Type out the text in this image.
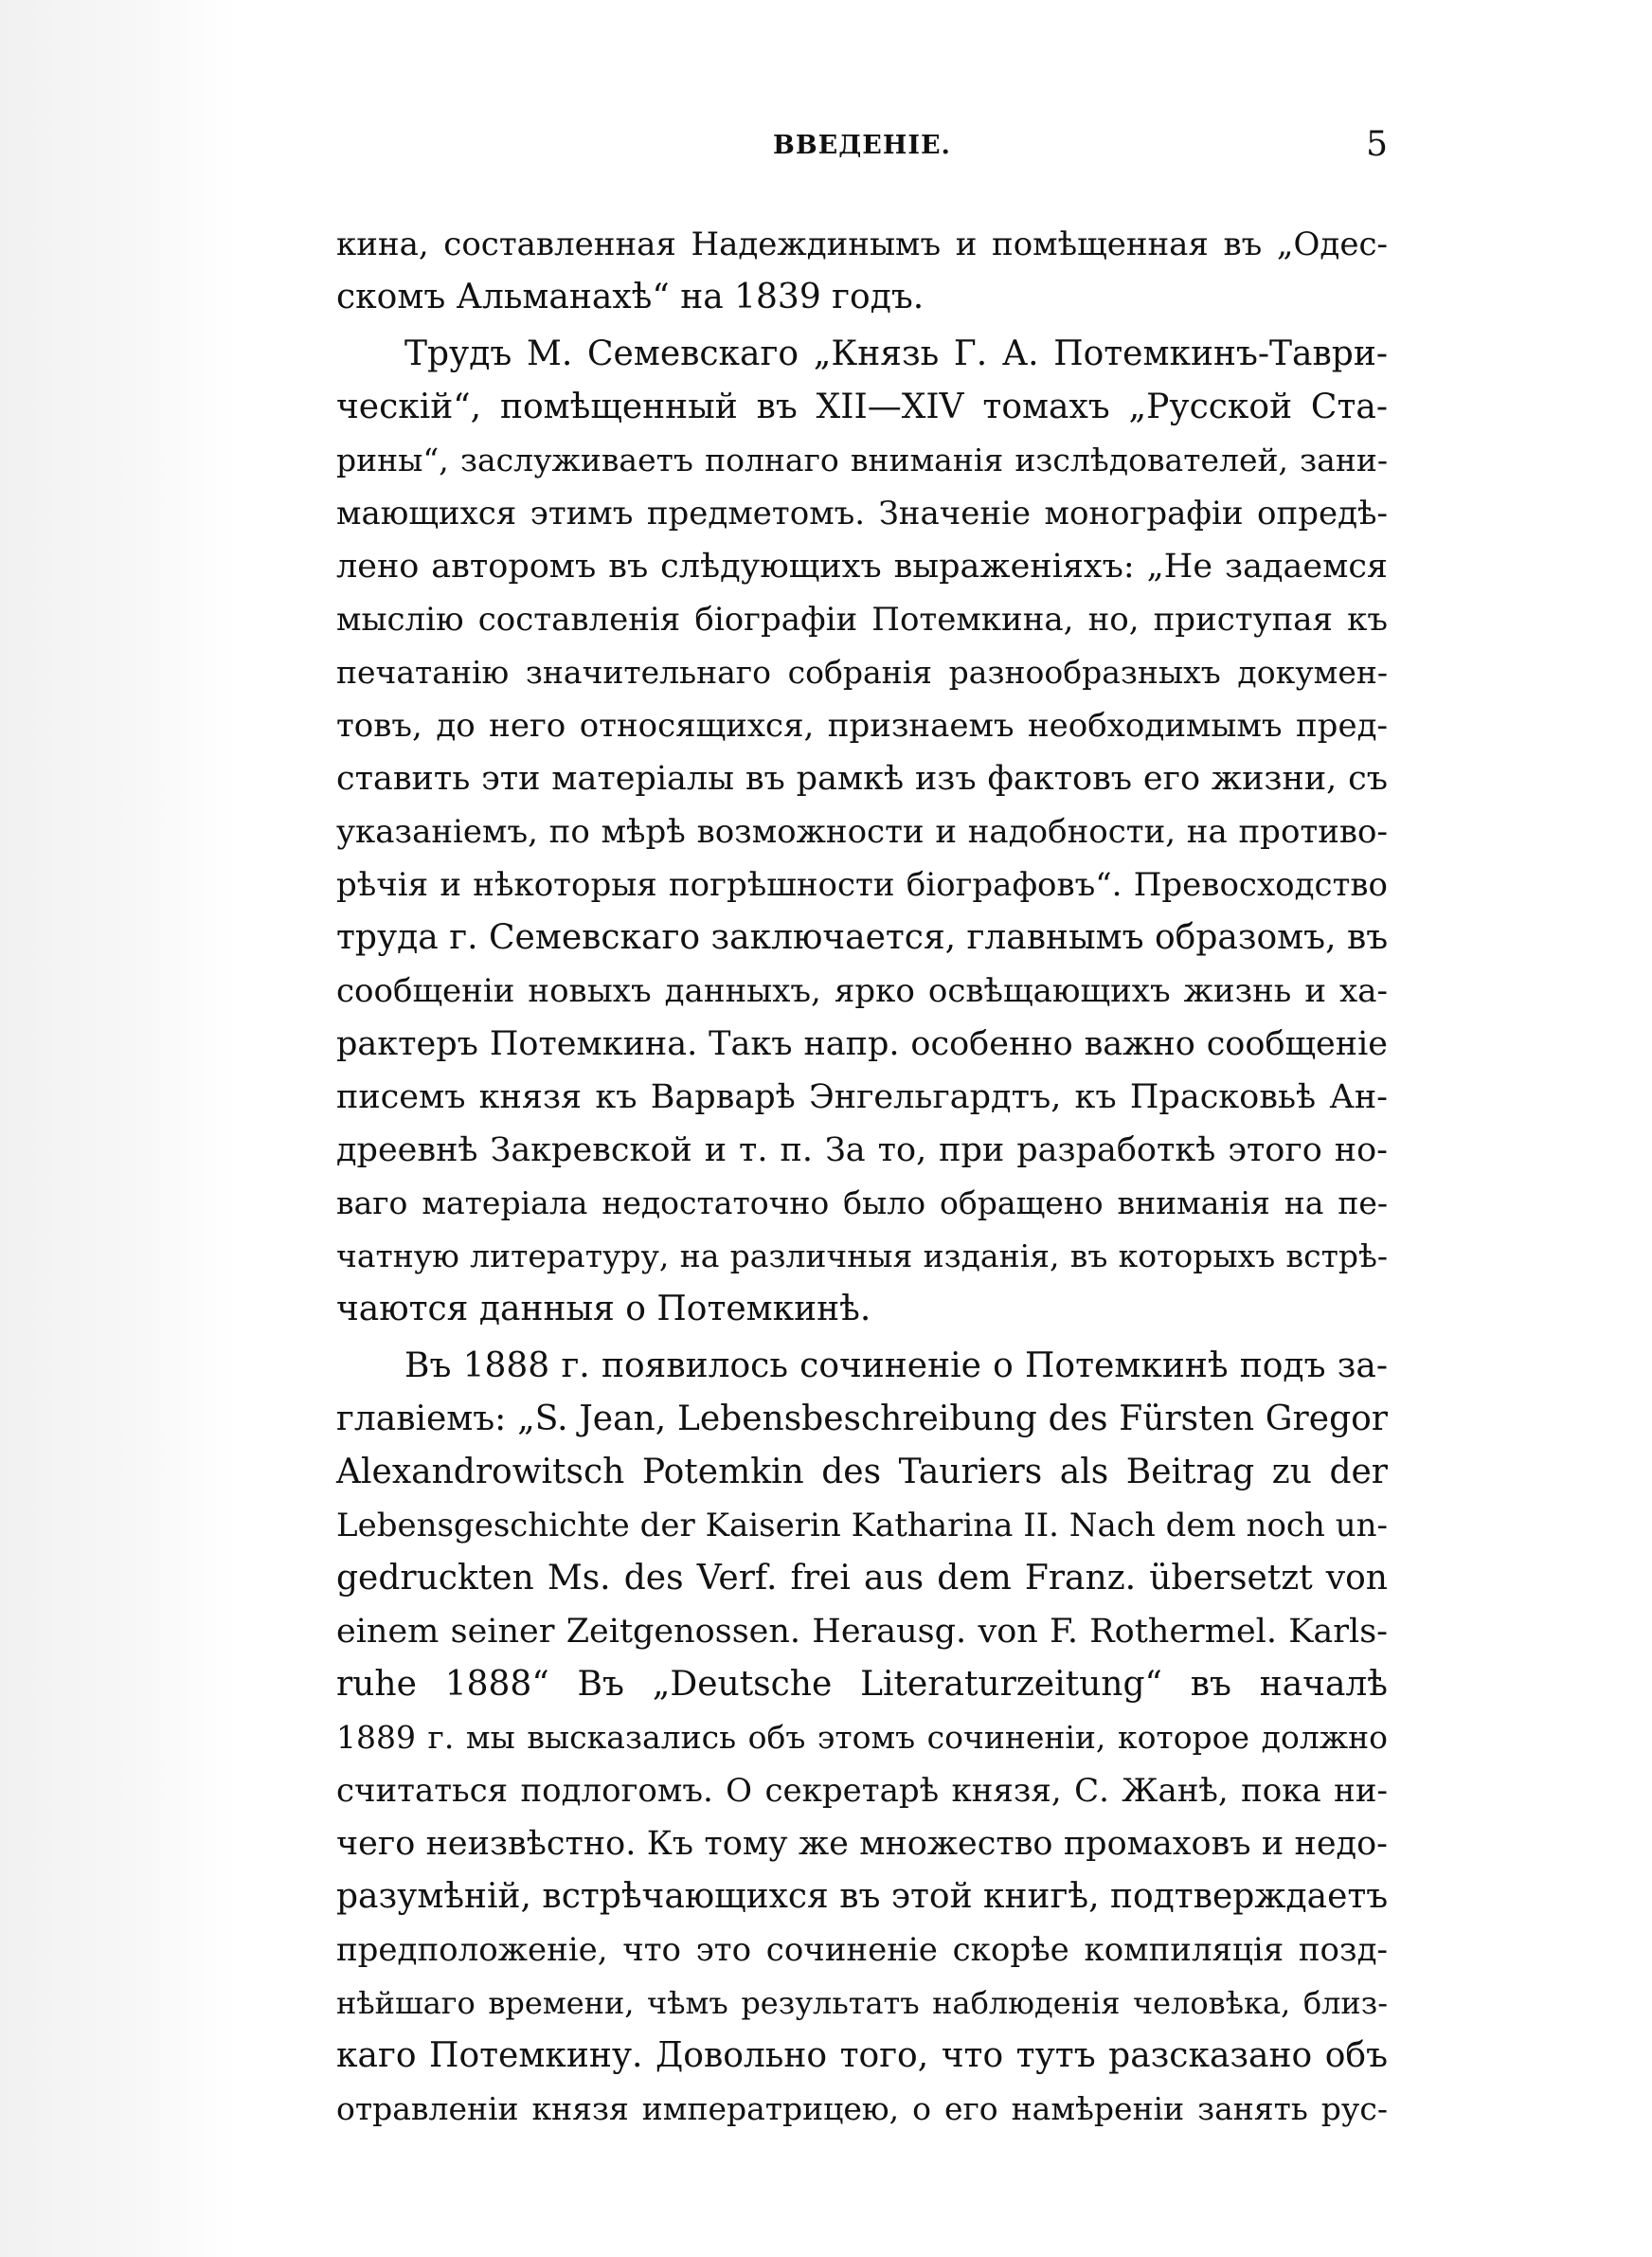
ВВЕДЕНІЕ.	5
кина, составленная Надеждинымъ и помѣщенная въ „Одес-
скомъ Альманахѣ“ на 1839 годъ.
Трудъ М. Семевскаго „Князь Г. А. Потемкинъ-Таври-
ческій“, помѣщенный въ XII—XIV томахъ „Русской Ста-
рины“, заслуживаетъ полнаго вниманія изслѣдователей, зани-
мающихся этимъ предметомъ. Значеніе монографіи опредѣ-
лено авторомъ въ слѣдующихъ выраженіяхъ: „Не задаемся
мыслію составленія біографіи Потемкина, но, приступая къ
печатанію значительнаго собранія разнообразныхъ докумен-
товъ, до него относящихся, признаемъ необходимымъ пред-
ставить эти матеріалы въ рамкѣ изъ фактовъ его жизни, съ
указаніемъ, по мѣрѣ возможности и надобности, на противо-
рѣчія и нѣкоторыя погрѣшности біографовъ“. Превосходство
труда г. Семевскаго заключается, главнымъ образомъ, въ
сообщеніи новыхъ данныхъ, ярко освѣщающихъ жизнь и ха-
рактеръ Потемкина. Такъ напр. особенно важно сообщеніе
писемъ князя къ Варварѣ Энгельгардтъ, къ Прасковьѣ Ан-
дреевнѣ Закревской и т. п. За то, при разработкѣ этого но-
ваго матеріала недостаточно было обращено вниманія на пе-
чатную литературу, на различныя изданія, въ которыхъ встрѣ-
чаются данныя о Потемкинѣ.
Въ 1888 г. появилось сочиненіе о Потемкинѣ подъ за-
главіемъ: „S. Jean, Lebensbeschreibung des Fürsten Gregor
Alexandrowitsch Potemkin des Tauriers als Beitrag zu der
Lebensgeschichte der Kaiserin Katharina II. Nach dem noch un-
gedruckten Ms. des Verf. frei aus dem Franz. übersetzt von
einem seiner Zeitgenossen. Herausg. von F. Rothermel. Karls-
ruhe 1888“ Въ „Deutsche Literaturzeitung“ въ началѣ
1889 г. мы высказались объ этомъ сочиненіи, которое должно
считаться подлогомъ. О секретарѣ князя, С. Жанѣ, пока ни-
чего неизвѣстно. Къ тому же множество промаховъ и недо-
разумѣній, встрѣчающихся въ этой книгѣ, подтверждаетъ
предположеніе, что это сочиненіе скорѣе компиляція позд-
нѣйшаго времени, чѣмъ результатъ наблюденія человѣка, близ-
каго Потемкину. Довольно того, что тутъ разсказано объ
отравленіи князя императрицею, о его намѣреніи занять рус-
